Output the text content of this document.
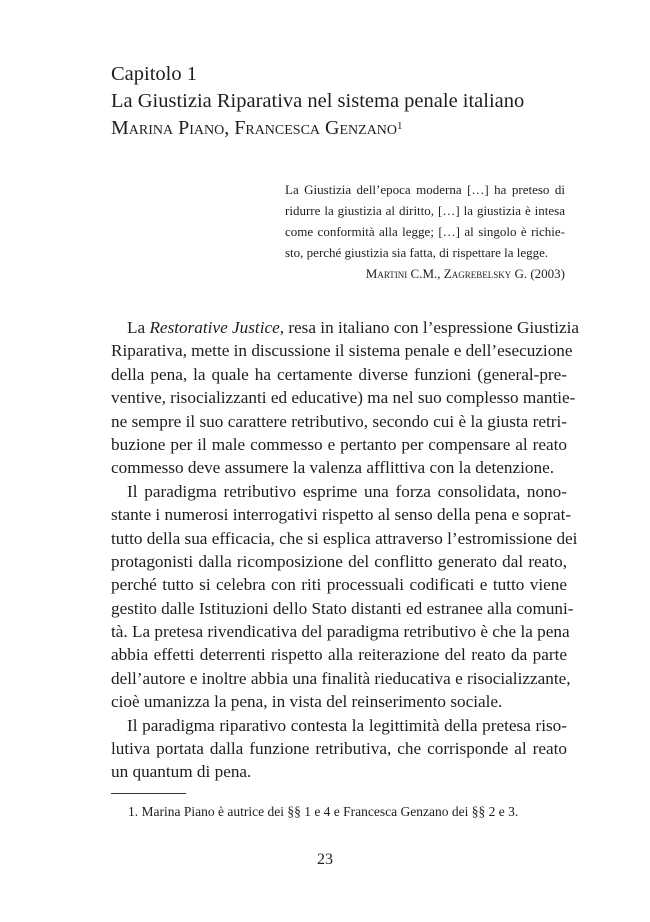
Capitolo 1
La Giustizia Riparativa nel sistema penale italiano
Marina Piano, Francesca Genzano$^1$
La Giustizia dell’epoca moderna […] ha preteso di
ridurre la giustizia al diritto, […] la giustizia è intesa
come conformità alla legge; […] al singolo è richie-
sto, perché giustizia sia fatta, di rispettare la legge.
Martini C.M., Zagrebelsky G. (2003)
La Restorative Justice, resa in italiano con l’espressione Giustizia
Riparativa, mette in discussione il sistema penale e dell’esecuzione
della pena, la quale ha certamente diverse funzioni (general-pre-
ventive, risocializzanti ed educative) ma nel suo complesso mantie-
ne sempre il suo carattere retributivo, secondo cui è la giusta retri-
buzione per il male commesso e pertanto per compensare al reato
commesso deve assumere la valenza afflittiva con la detenzione.
Il paradigma retributivo esprime una forza consolidata, nono-
stante i numerosi interrogativi rispetto al senso della pena e soprat-
tutto della sua efficacia, che si esplica attraverso l’estromissione dei
protagonisti dalla ricomposizione del conflitto generato dal reato,
perché tutto si celebra con riti processuali codificati e tutto viene
gestito dalle Istituzioni dello Stato distanti ed estranee alla comuni-
tà. La pretesa rivendicativa del paradigma retributivo è che la pena
abbia effetti deterrenti rispetto alla reiterazione del reato da parte
dell’autore e inoltre abbia una finalità rieducativa e risocializzante,
cioè umanizza la pena, in vista del reinserimento sociale.
Il paradigma riparativo contesta la legittimità della pretesa riso-
lutiva portata dalla funzione retributiva, che corrisponde al reato
un quantum di pena.

1. Marina Piano è autrice dei §§ 1 e 4 e Francesca Genzano dei §§ 2 e 3.

23
